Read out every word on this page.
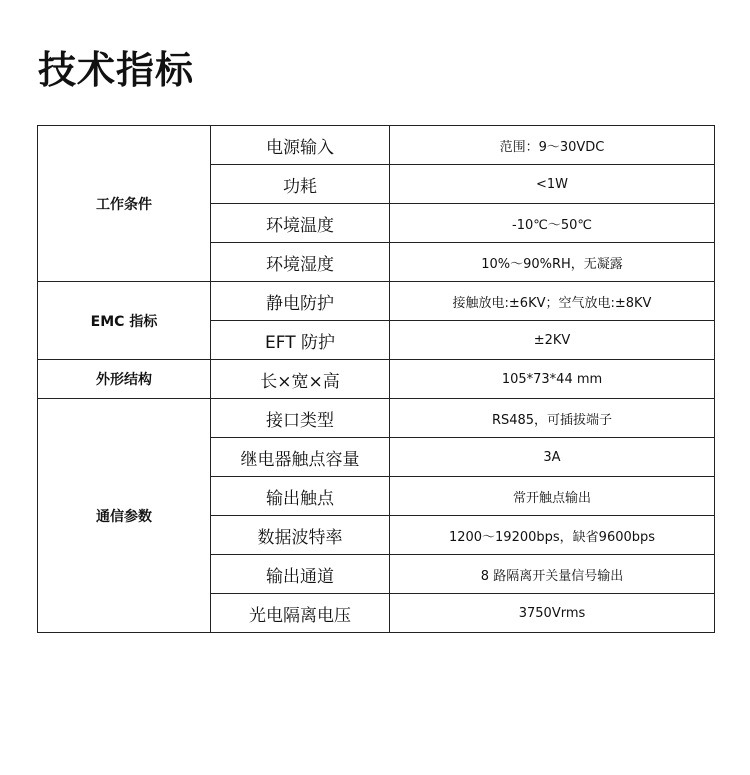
技术指标
工作条件	电源输入	范围：9～30VDC
	功耗	<1W
	环境温度	-10℃～50℃
	环境湿度	10%～90%RH，无凝露
EMC 指标	静电防护	接触放电:±6KV；空气放电:±8KV
	EFT 防护	±2KV
外形结构	长×宽×高	105*73*44 mm
通信参数	接口类型	RS485，可插拔端子
	继电器触点容量	3A
	输出触点	常开触点输出
	数据波特率	1200～19200bps，缺省9600bps
	输出通道	8 路隔离开关量信号输出
	光电隔离电压	3750Vrms
